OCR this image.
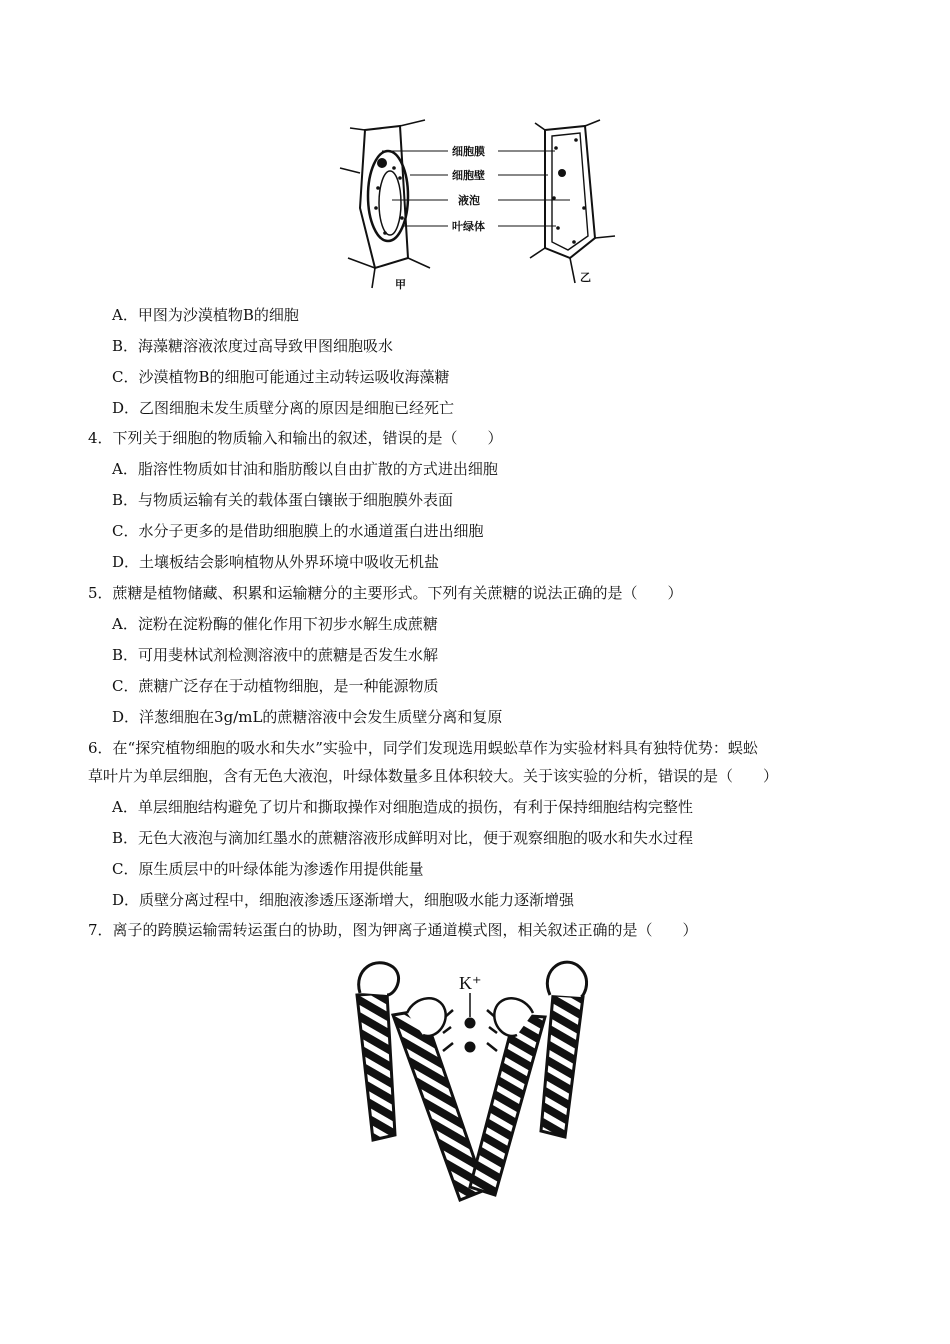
细胞膜
细胞壁
液泡
叶绿体
甲
乙
A．甲图为沙漠植物B的细胞
B．海藻糖溶液浓度过高导致甲图细胞吸水
C．沙漠植物B的细胞可能通过主动转运吸收海藻糖
D．乙图细胞未发生质壁分离的原因是细胞已经死亡
4．下列关于细胞的物质输入和输出的叙述，错误的是（　　）
A．脂溶性物质如甘油和脂肪酸以自由扩散的方式进出细胞
B．与物质运输有关的载体蛋白镶嵌于细胞膜外表面
C．水分子更多的是借助细胞膜上的水通道蛋白进出细胞
D．土壤板结会影响植物从外界环境中吸收无机盐
5．蔗糖是植物储藏、积累和运输糖分的主要形式。下列有关蔗糖的说法正确的是（　　）
A．淀粉在淀粉酶的催化作用下初步水解生成蔗糖
B．可用斐林试剂检测溶液中的蔗糖是否发生水解
C．蔗糖广泛存在于动植物细胞，是一种能源物质
D．洋葱细胞在3g/mL的蔗糖溶液中会发生质壁分离和复原
6．在“探究植物细胞的吸水和失水”实验中，同学们发现选用蜈蚣草作为实验材料具有独特优势：蜈蚣
草叶片为单层细胞，含有无色大液泡，叶绿体数量多且体积较大。关于该实验的分析，错误的是（　　）
A．单层细胞结构避免了切片和撕取操作对细胞造成的损伤，有利于保持细胞结构完整性
B．无色大液泡与滴加红墨水的蔗糖溶液形成鲜明对比，便于观察细胞的吸水和失水过程
C．原生质层中的叶绿体能为渗透作用提供能量
D．质壁分离过程中，细胞液渗透压逐渐增大，细胞吸水能力逐渐增强
7．离子的跨膜运输需转运蛋白的协助，图为钾离子通道模式图，相关叙述正确的是（　　）
K⁺
